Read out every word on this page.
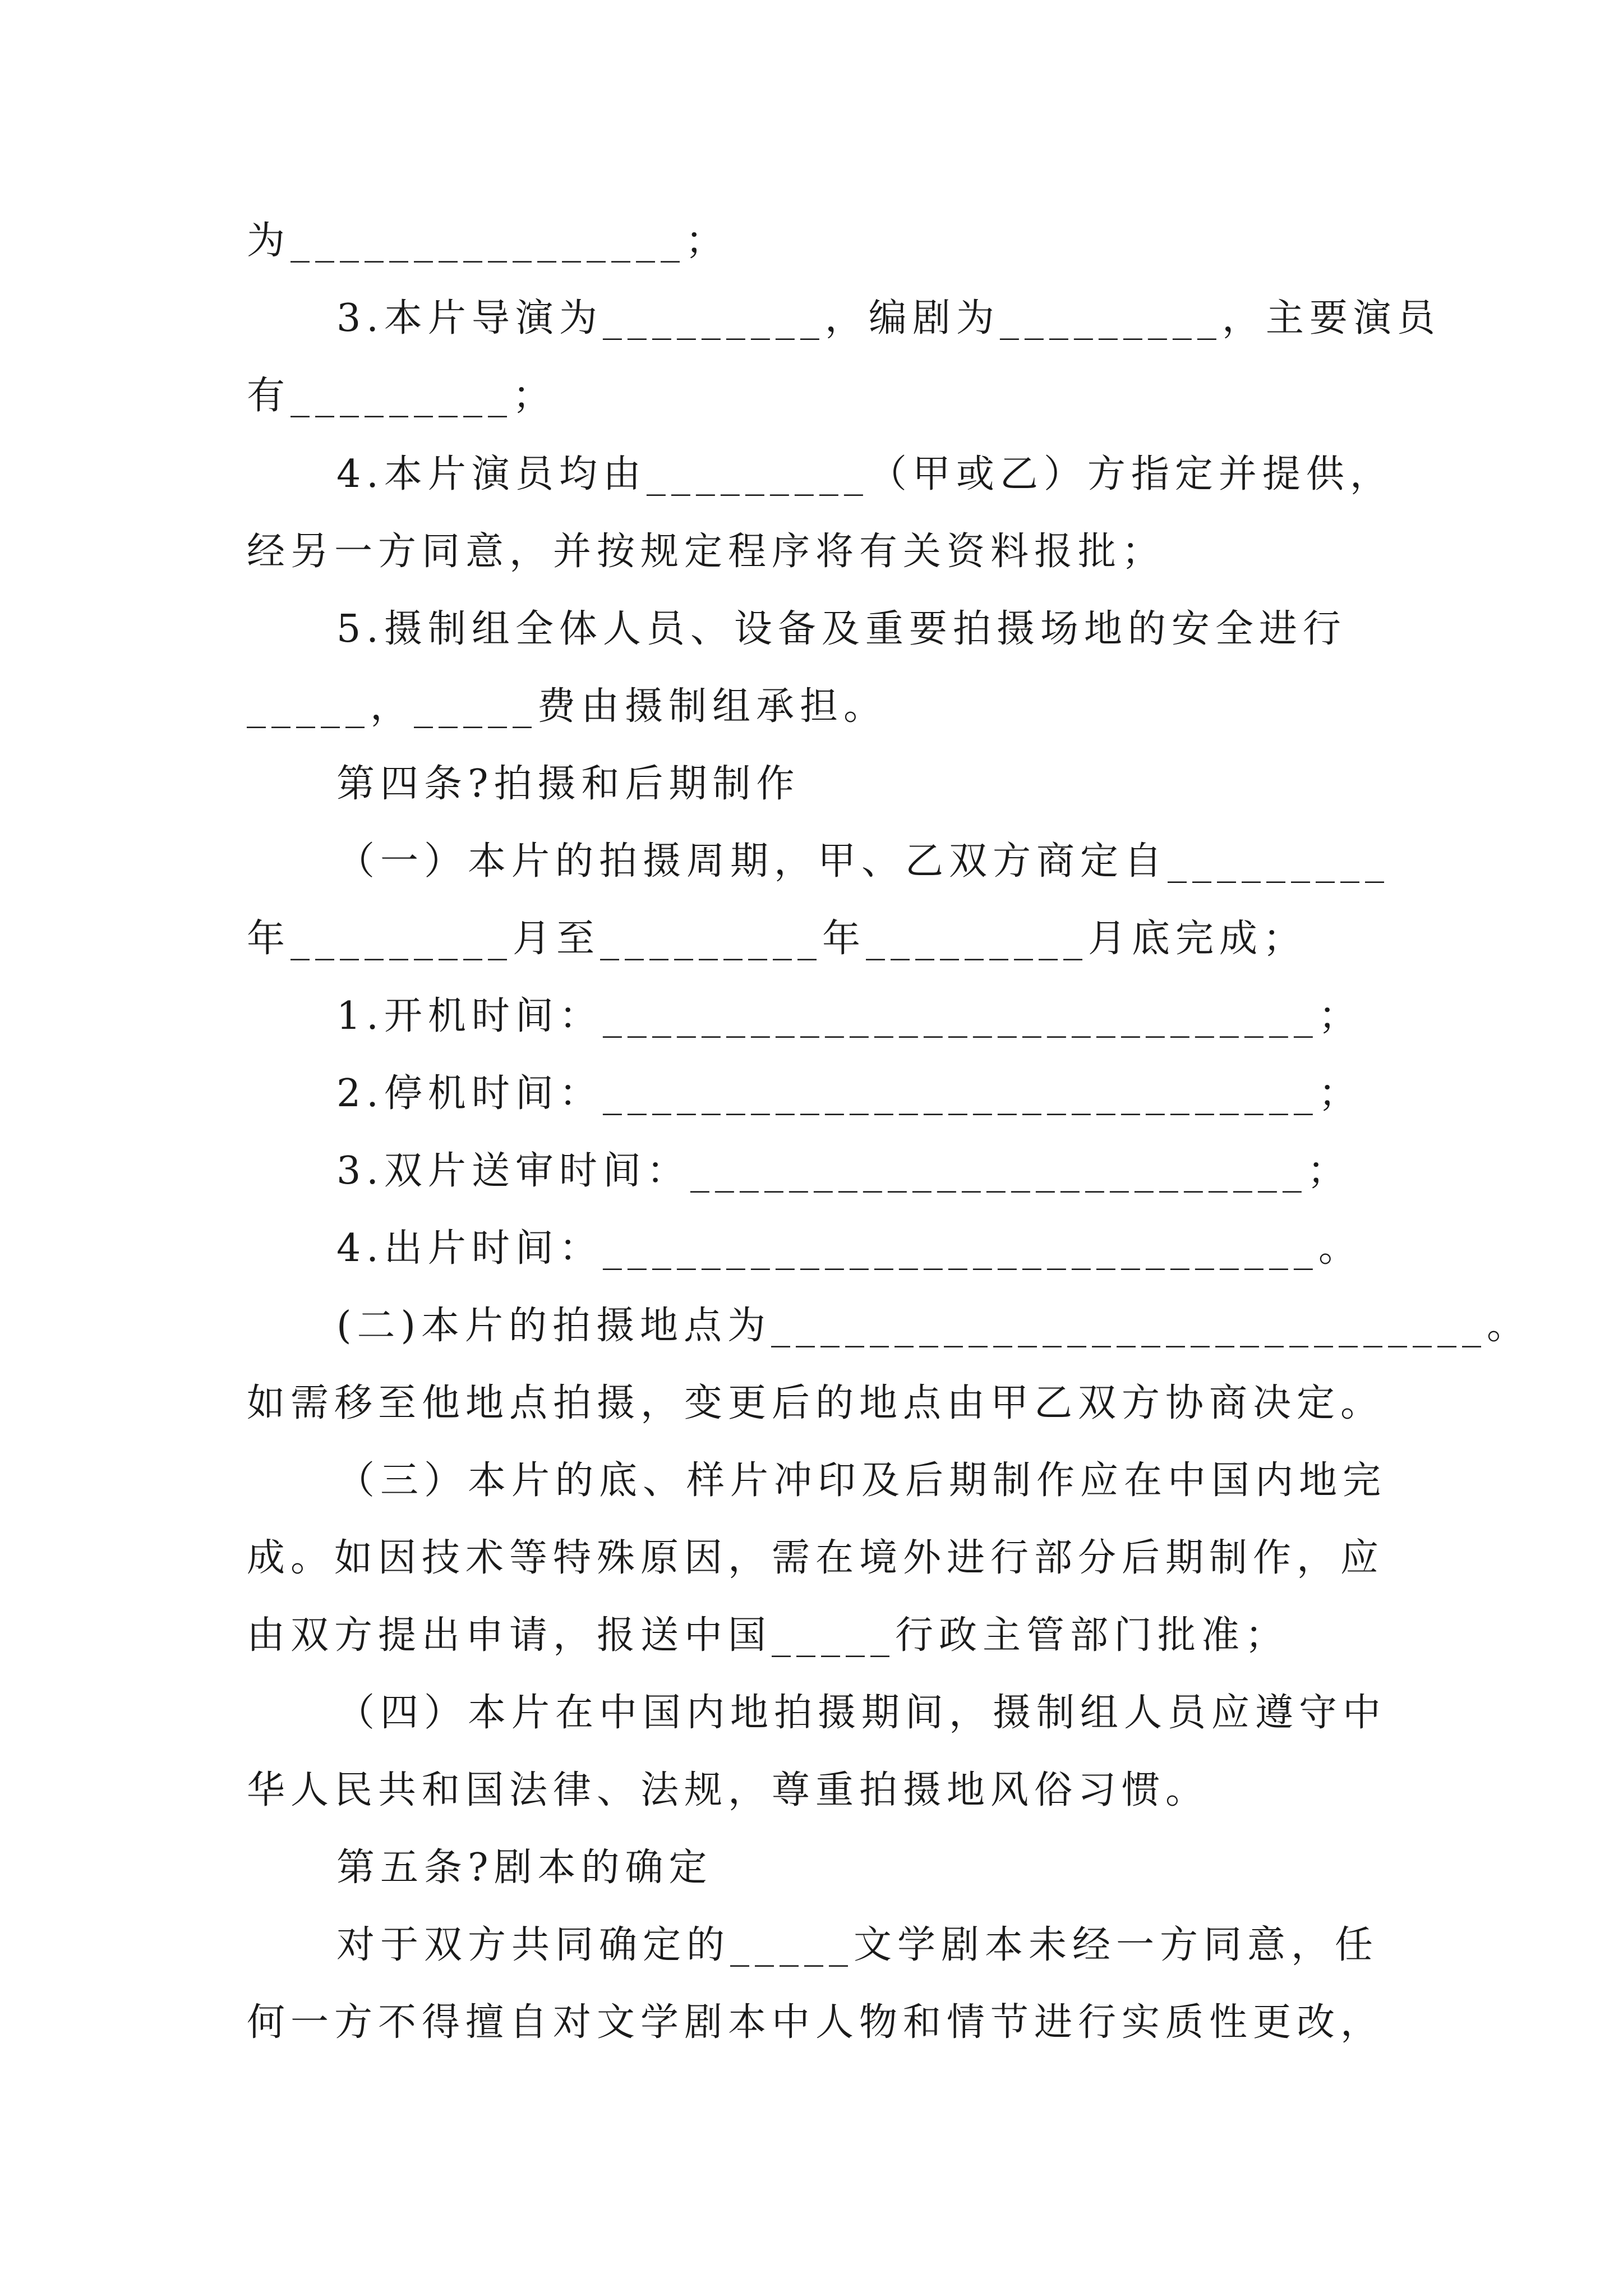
为________________；
3.本片导演为_________，编剧为_________，主要演员
有_________；
4.本片演员均由_________（甲或乙）方指定并提供，
经另一方同意，并按规定程序将有关资料报批；
5.摄制组全体人员、设备及重要拍摄场地的安全进行
_____，_____费由摄制组承担。
第四条?拍摄和后期制作
（一）本片的拍摄周期，甲、乙双方商定自_________
年_________月至_________年_________月底完成；
1.开机时间：_____________________________；
2.停机时间：_____________________________；
3.双片送审时间：_________________________；
4.出片时间：_____________________________。
(二)本片的拍摄地点为_____________________________。
如需移至他地点拍摄，变更后的地点由甲乙双方协商决定。
（三）本片的底、样片冲印及后期制作应在中国内地完
成。如因技术等特殊原因，需在境外进行部分后期制作，应
由双方提出申请，报送中国_____行政主管部门批准；
（四）本片在中国内地拍摄期间，摄制组人员应遵守中
华人民共和国法律、法规，尊重拍摄地风俗习惯。
第五条?剧本的确定
对于双方共同确定的_____文学剧本未经一方同意，任
何一方不得擅自对文学剧本中人物和情节进行实质性更改，
